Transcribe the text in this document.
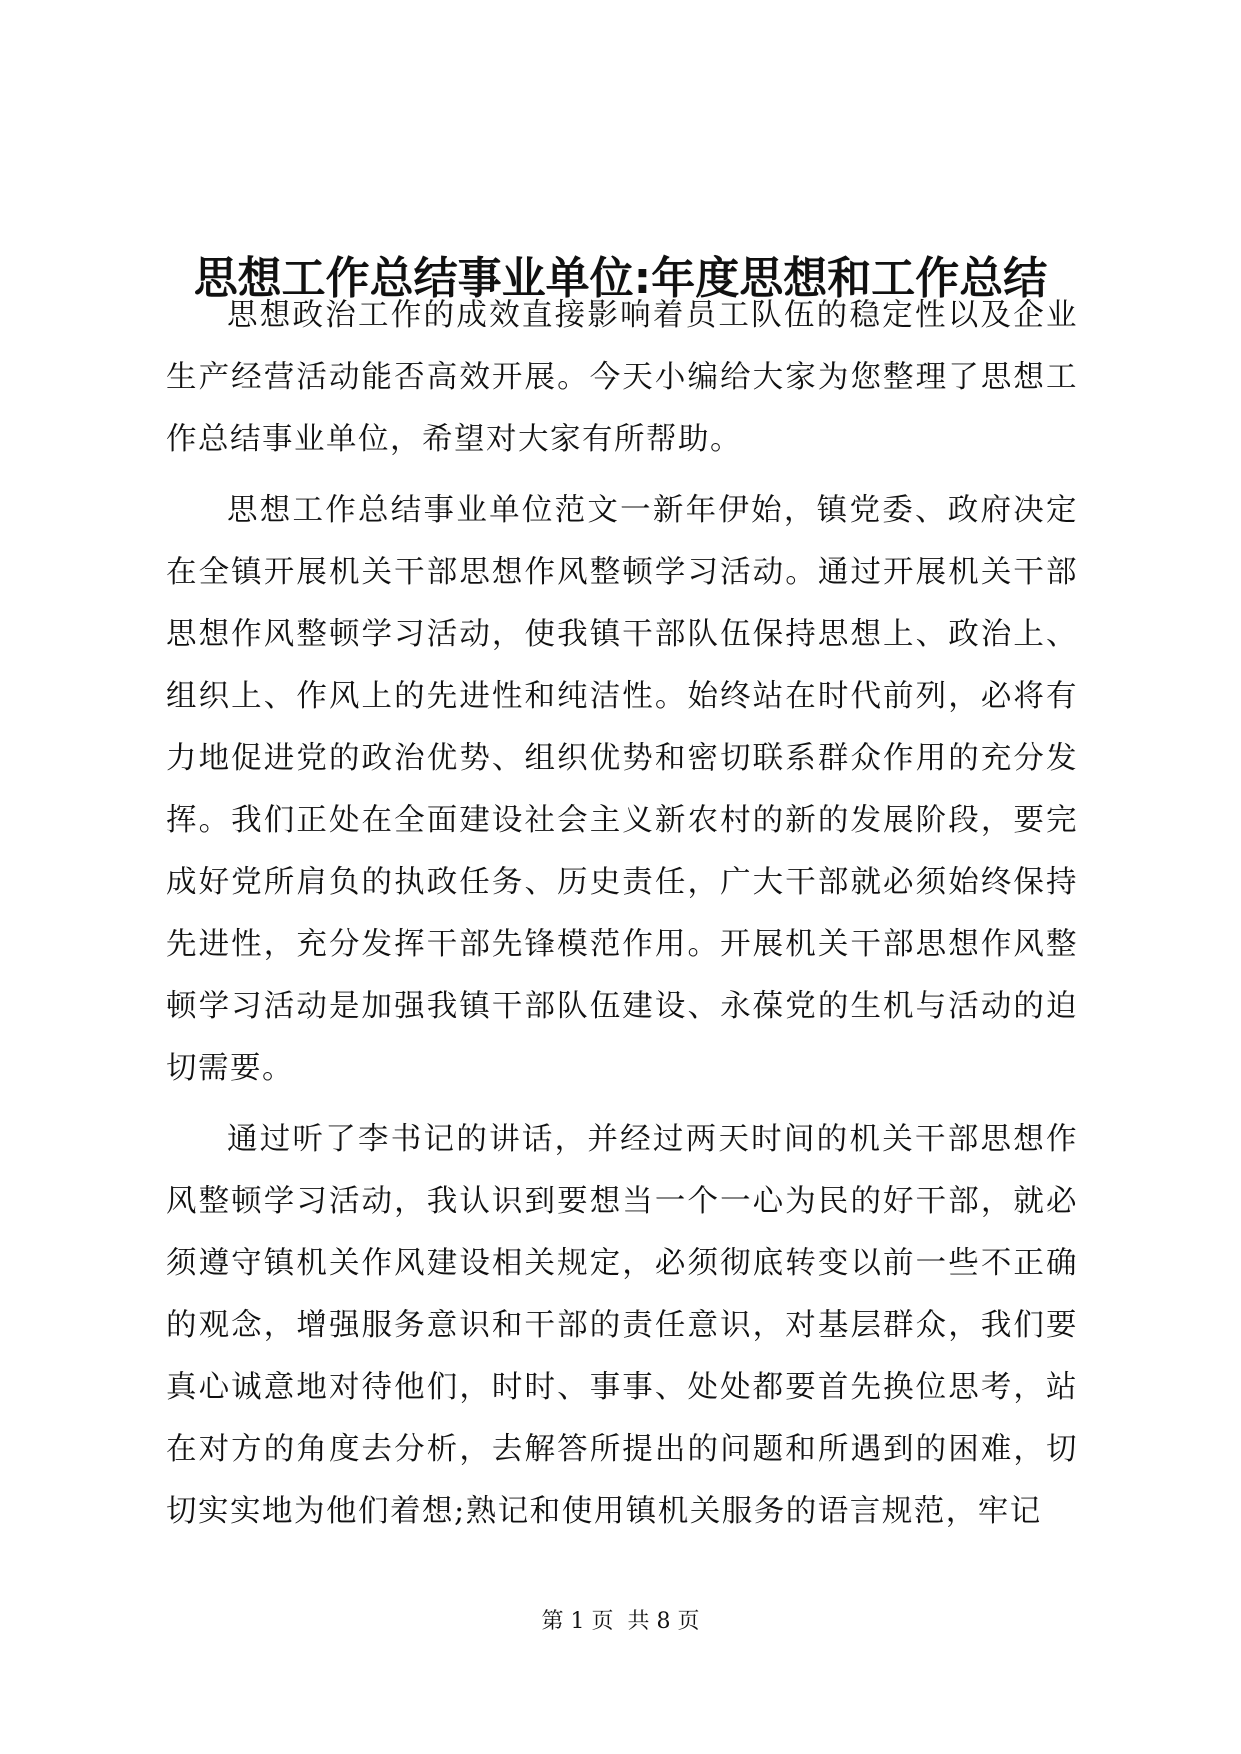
思想工作总结事业单位:年度思想和工作总结

思想政治工作的成效直接影响着员工队伍的稳定性以及企业生产经营活动能否高效开展。今天小编给大家为您整理了思想工作总结事业单位，希望对大家有所帮助。

思想工作总结事业单位范文一新年伊始，镇党委、政府决定在全镇开展机关干部思想作风整顿学习活动。通过开展机关干部思想作风整顿学习活动，使我镇干部队伍保持思想上、政治上、组织上、作风上的先进性和纯洁性。始终站在时代前列，必将有力地促进党的政治优势、组织优势和密切联系群众作用的充分发挥。我们正处在全面建设社会主义新农村的新的发展阶段，要完成好党所肩负的执政任务、历史责任，广大干部就必须始终保持先进性，充分发挥干部先锋模范作用。开展机关干部思想作风整顿学习活动是加强我镇干部队伍建设、永葆党的生机与活动的迫切需要。

通过听了李书记的讲话，并经过两天时间的机关干部思想作风整顿学习活动，我认识到要想当一个一心为民的好干部，就必须遵守镇机关作风建设相关规定，必须彻底转变以前一些不正确的观念，增强服务意识和干部的责任意识，对基层群众，我们要真心诚意地对待他们，时时、事事、处处都要首先换位思考，站在对方的角度去分析，去解答所提出的问题和所遇到的困难，切切实实地为他们着想;熟记和使用镇机关服务的语言规范，牢记

第 1 页  共 8 页
